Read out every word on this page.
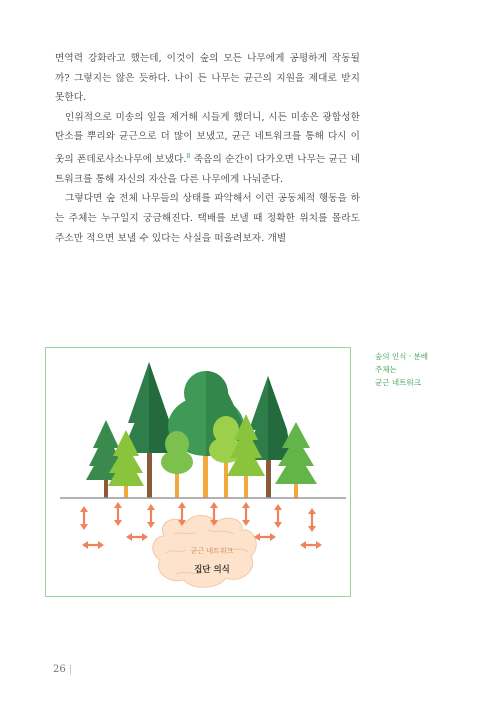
면역력 강화라고 했는데, 이것이 숲의 모든 나무에게 공평하게 작동될까? 그렇지는 않은 듯하다. 나이 든 나무는 균근의 지원을 제대로 받지 못한다.

인위적으로 미송의 잎을 제거해 시들게 했더니, 시든 미송은 광합성한 탄소를 뿌리와 균근으로 더 많이 보냈고, 균근 네트워크를 통해 다시 이웃의 폰데로사소나무에 보냈다.$^8$ 죽음의 순간이 다가오면 나무는 균근 네트워크를 통해 자신의 자산을 다른 나무에게 나눠준다.

그렇다면 숲 전체 나무들의 상태를 파악해서 이런 공동체적 행동을 하는 주체는 누구일지 궁금해진다. 택배를 보낼 때 정확한 위치를 몰라도 주소만 적으면 보낼 수 있다는 사실을 떠올려보자. 개별

숲의 인식 · 분배
주체는
균근 네트워크
균근 네트워크
집단 의식
26 |
